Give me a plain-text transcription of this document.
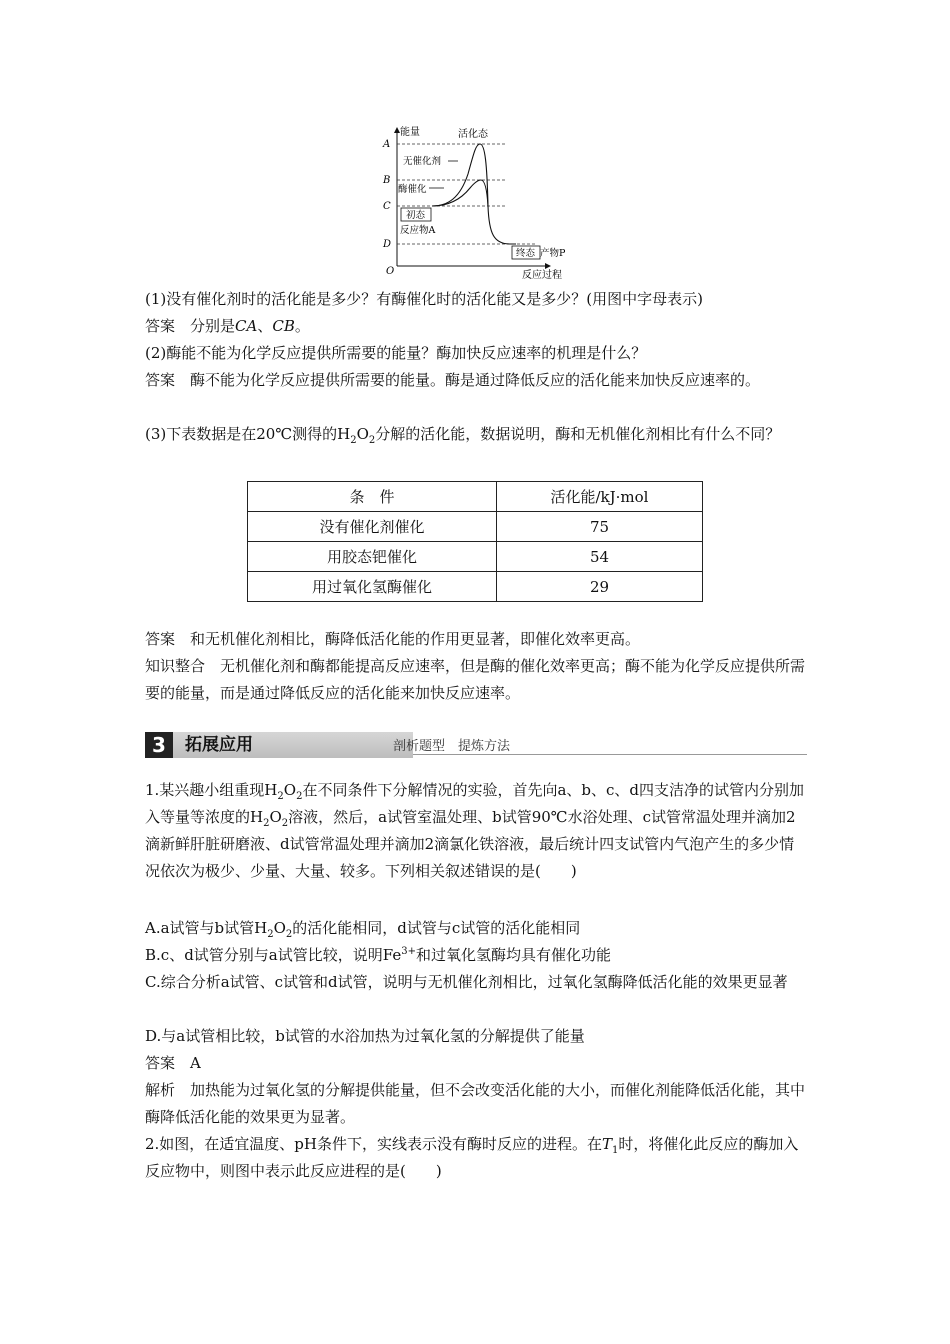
能量
反应过程
O
A
B
C
D
活化态
无催化剂
酶催化
初态
反应物A
终态 产物P

(1)没有催化剂时的活化能是多少？有酶催化时的活化能又是多少？(用图中字母表示)

答案　分别是CA、CB。

(2)酶能不能为化学反应提供所需要的能量？酶加快反应速率的机理是什么？

答案　酶不能为化学反应提供所需要的能量。酶是通过降低反应的活化能来加快反应速率的。

(3)下表数据是在20℃测得的$H_2O_2$分解的活化能，数据说明，酶和无机催化剂相比有什么不同？

条　件	活化能/kJ·mol
没有催化剂催化	75
用胶态钯催化	54
用过氧化氢酶催化	29

答案　和无机催化剂相比，酶降低活化能的作用更显著，即催化效率更高。

知识整合　无机催化剂和酶都能提高反应速率，但是酶的催化效率更高；酶不能为化学反应提供所需要的能量，而是通过降低反应的活化能来加快反应速率。

3	拓展应用	剖析题型　提炼方法

1.某兴趣小组重现$H_2O_2$在不同条件下分解情况的实验，首先向a、b、c、d四支洁净的试管内分别加入等量等浓度的$H_2O_2$溶液，然后，a试管室温处理、b试管90℃水浴处理、c试管常温处理并滴加2滴新鲜肝脏研磨液、d试管常温处理并滴加2滴氯化铁溶液，最后统计四支试管内气泡产生的多少情况依次为极少、少量、大量、较多。下列相关叙述错误的是(　　)

A.a试管与b试管$H_2O_2$的活化能相同，d试管与c试管的活化能相同

B.c、d试管分别与a试管比较，说明$Fe^{3+}$和过氧化氢酶均具有催化功能

C.综合分析a试管、c试管和d试管，说明与无机催化剂相比，过氧化氢酶降低活化能的效果更显著

D.与a试管相比较，b试管的水浴加热为过氧化氢的分解提供了能量

答案　A

解析　加热能为过氧化氢的分解提供能量，但不会改变活化能的大小，而催化剂能降低活化能，其中酶降低活化能的效果更为显著。

2.如图，在适宜温度、pH条件下，实线表示没有酶时反应的进程。在$T_1$时，将催化此反应的酶加入反应物中，则图中表示此反应进程的是(　　)
